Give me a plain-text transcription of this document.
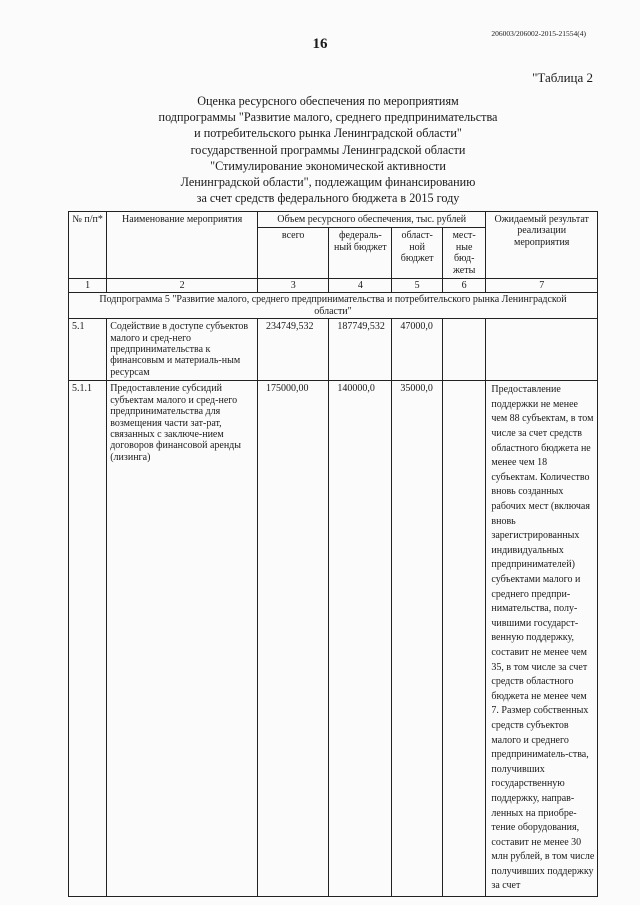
206003/206002-2015-21554(4)
16
"Таблица 2
Оценка ресурсного обеспечения по мероприятиям
подпрограммы "Развитие малого, среднего предпринимательства
и потребительского рынка Ленинградской области"
государственной программы Ленинградской области
"Стимулирование экономической активности
Ленинградской области", подлежащим финансированию
за счет средств федерального бюджета в 2015 году
№ п/п*	Наименование мероприятия	Объем ресурсного обеспечения, тыс. рублей				Ожидаемый результат реализации мероприятия
		всего	федераль-ный бюджет	област-ной бюджет	мест-ные бюд-жеты	
1	2	3	4	5	6	7
Подпрограмма 5 "Развитие малого, среднего предпринимательства и потребительского рынка Ленинградской области"						
5.1	Содействие в доступе субъектов малого и сред-него предпринимательства к финансовым и материаль-ным ресурсам	234749,532	187749,532	47000,0		
5.1.1	Предоставление субсидий субъектам малого и сред-него предпринимательства для возмещения части зат-рат, связанных с заключе-нием договоров финансовой аренды (лизинга)	175000,00	140000,0	35000,0		Предоставление поддержки не менее чем 88 субъектам, в том числе за счет средств областного бюджета не менее чем 18 субъектам. Количество вновь созданных рабочих мест (включая вновь зарегистрированных индивидуальных предпринимателей) субъектами малого и среднего предпри-нимательства, полу-чившими государст-венную поддержку, составит не менее чем 35, в том числе за счет средств областного бюджета не менее чем 7. Размер собственных средств субъектов малого и среднего предпринимatель-ства, получивших государственную поддержку, направ-ленных на приобре-тение оборудования, составит не менее 30 млн рублей, в том числе получивших поддержку за счет
